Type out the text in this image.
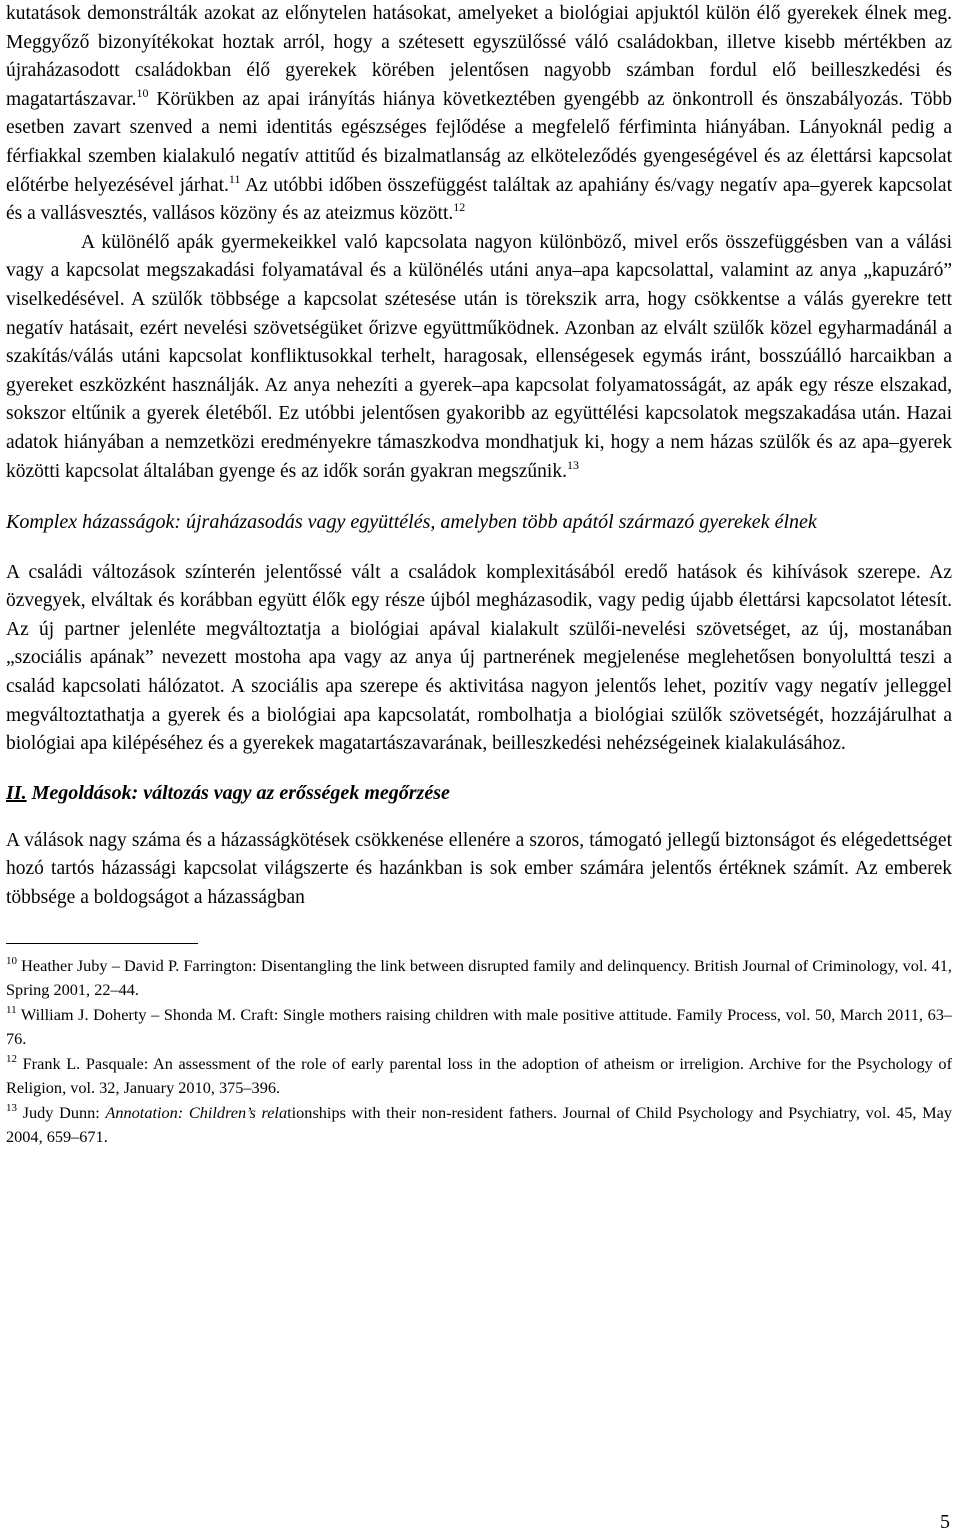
kutatások demonstrálták azokat az előnytelen hatásokat, amelyeket a biológiai apjuktól külön élő gyerekek élnek meg. Meggyőző bizonyítékokat hoztak arról, hogy a szétesett egyszülőssé váló családokban, illetve kisebb mértékben az újraházasodott családokban élő gyerekek körében jelentősen nagyobb számban fordul elő beilleszkedési és magatartászavar.$^{10}$ Körükben az apai irányítás hiánya következtében gyengébb az önkontroll és önszabályozás. Több esetben zavart szenved a nemi identitás egészséges fejlődése a megfelelő férfiminta hiányában. Lányoknál pedig a férfiakkal szemben kialakuló negatív attitűd és bizalmatlanság az elköteleződés gyengeségével és az élettársi kapcsolat előtérbe helyezésével járhat.$^{11}$ Az utóbbi időben összefüggést találtak az apahiány és/vagy negatív apa–gyerek kapcsolat és a vallásvesztés, vallásos közöny és az ateizmus között.$^{12}$

A különélő apák gyermekeikkel való kapcsolata nagyon különböző, mivel erős összefüggésben van a válási vagy a kapcsolat megszakadási folyamatával és a különélés utáni anya–apa kapcsolattal, valamint az anya „kapuzáró” viselkedésével. A szülők többsége a kapcsolat szétesése után is törekszik arra, hogy csökkentse a válás gyerekre tett negatív hatásait, ezért nevelési szövetségüket őrizve együttműködnek. Azonban az elvált szülők közel egyharmadánál a szakítás/válás utáni kapcsolat konfliktusokkal terhelt, haragosak, ellenségesek egymás iránt, bosszúálló harcaikban a gyereket eszközként használják. Az anya nehezíti a gyerek–apa kapcsolat folyamatosságát, az apák egy része elszakad, sokszor eltűnik a gyerek életéből. Ez utóbbi jelentősen gyakoribb az együttélési kapcsolatok megszakadása után. Hazai adatok hiányában a nemzetközi eredményekre támaszkodva mondhatjuk ki, hogy a nem házas szülők és az apa–gyerek közötti kapcsolat általában gyenge és az idők során gyakran megszűnik.$^{13}$

Komplex házasságok: újraházasodás vagy együttélés, amelyben több apától származó gyerekek élnek

A családi változások színterén jelentőssé vált a családok komplexitásából eredő hatások és kihívások szerepe. Az özvegyek, elváltak és korábban együtt élők egy része újból megházasodik, vagy pedig újabb élettársi kapcsolatot létesít. Az új partner jelenléte megváltoztatja a biológiai apával kialakult szülői-nevelési szövetséget, az új, mostanában „szociális apának” nevezett mostoha apa vagy az anya új partnerének megjelenése meglehetősen bonyolulttá teszi a család kapcsolati hálózatot. A szociális apa szerepe és aktivitása nagyon jelentős lehet, pozitív vagy negatív jelleggel megváltoztathatja a gyerek és a biológiai apa kapcsolatát, rombolhatja a biológiai szülők szövetségét, hozzájárulhat a biológiai apa kilépéséhez és a gyerekek magatartászavarának, beilleszkedési nehézségeinek kialakulásához.

II. Megoldások: változás vagy az erősségek megőrzése

A válások nagy száma és a házasságkötések csökkenése ellenére a szoros, támogató jellegű biztonságot és elégedettséget hozó tartós házassági kapcsolat világszerte és hazánkban is sok ember számára jelentős értéknek számít. Az emberek többsége a boldogságot a házasságban

$^{10}$ Heather Juby – David P. Farrington: Disentangling the link between disrupted family and delinquency. British Journal of Criminology, vol. 41, Spring 2001, 22–44.

$^{11}$ William J. Doherty – Shonda M. Craft: Single mothers raising children with male positive attitude. Family Process, vol. 50, March 2011, 63–76.

$^{12}$ Frank L. Pasquale: An assessment of the role of early parental loss in the adoption of atheism or irreligion. Archive for the Psychology of Religion, vol. 32, January 2010, 375–396.

$^{13}$ Judy Dunn: Annotation: Children’s relationships with their non-resident fathers. Journal of Child Psychology and Psychiatry, vol. 45, May 2004, 659–671.

5
